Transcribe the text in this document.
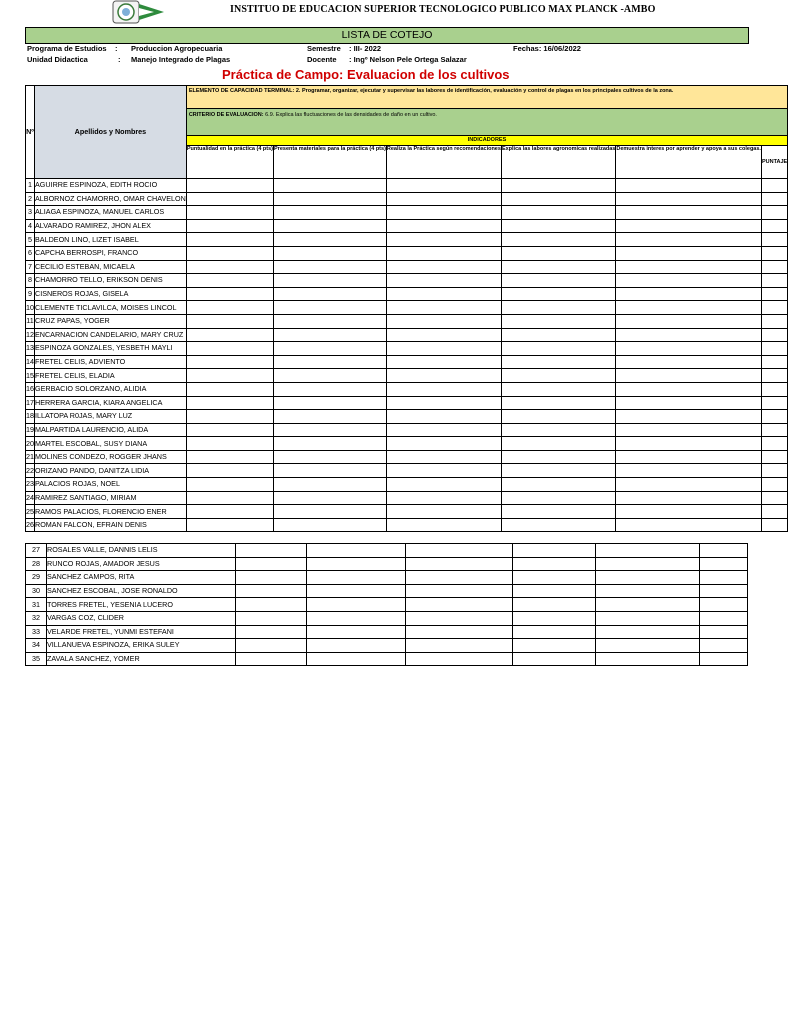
INSTITUO DE EDUCACION SUPERIOR TECNOLOGICO PUBLICO MAX PLANCK -AMBO
LISTA DE COTEJO
Programa de Estudios : Produccion Agropecuaria
Unidad Didactica	: Manejo Integrado de Plagas
Semestre : III- 2022
Docente : Ingº Nelson Pele Ortega Salazar
Fechas: 16/06/2022
Práctica de Campo: Evaluacion de los cultivos
Nº	Apellidos y Nombres	ELEMENTO DE CAPACIDAD TERMINAL: 2. Programar, organizar, ejecutar y supervisar las labores de identificación, evaluación y control de plagas en los principales cultivos de la zona.					
		CRITERIO DE EVALUACION: 6.9. Explica las fluctuaciones de las densidades de daño en un cultivo.					
		INDICADORES					
		Puntualidad en la práctica (4 pts)	Presenta materiales para la práctica (4 pts)	Realiza la Práctica según recomendaciones	Explica las labores agronomicas realizadas	Demuestra interes por aprender y apoya a sus colegas.	PUNTAJE
1	AGUIRRE ESPINOZA, EDITH ROCIO						
2	ALBORNOZ CHAMORRO, OMAR CHAVELON						
3	ALIAGA ESPINOZA, MANUEL CARLOS						
4	ALVARADO RAMIREZ, JHON ALEX						
5	BALDEON LINO, LIZET ISABEL						
6	CAPCHA BERROSPI, FRANCO						
7	CECILIO ESTEBAN, MICAELA						
8	CHAMORRO TELLO, ERIKSON DENIS						
9	CISNEROS ROJAS, GISELA						
10	CLEMENTE TICLAVILCA, MOISES LINCOL						
11	CRUZ PAPAS, YOGER						
12	ENCARNACION CANDELARIO, MARY CRUZ						
13	ESPINOZA GONZALES, YESBETH MAYLI						
14	FRETEL CELIS, ADVIENTO						
15	FRETEL CELIS, ELADIA						
16	GERBACIO SOLORZANO, ALIDIA						
17	HERRERA GARCIA, KIARA ANGELICA						
18	ILLATOPA R0JAS, MARY LUZ						
19	MALPARTIDA LAURENCIO, ALIDA						
20	MARTEL ESCOBAL, SUSY DIANA						
21	MOLINES CONDEZO, ROGGER JHANS						
22	ORIZANO PANDO, DANITZA LIDIA						
23	PALACIOS ROJAS, NOEL						
24	RAMIREZ SANTIAGO, MIRIAM						
25	RAMOS PALACIOS, FLORENCIO ENER						
26	ROMAN FALCON, EFRAIN DENIS						
27	ROSALES VALLE, DANNIS LELIS						
28	RUNCO ROJAS, AMADOR JESUS						
29	SANCHEZ CAMPOS, RITA						
30	SANCHEZ ESCOBAL, JOSE RONALDO						
31	TORRES FRETEL, YESENIA LUCERO						
32	VARGAS COZ, CLIDER						
33	VELARDE FRETEL, YUNMI ESTEFANI						
34	VILLANUEVA ESPINOZA, ERIKA SULEY						
35	ZAVALA SANCHEZ, YOMER						
